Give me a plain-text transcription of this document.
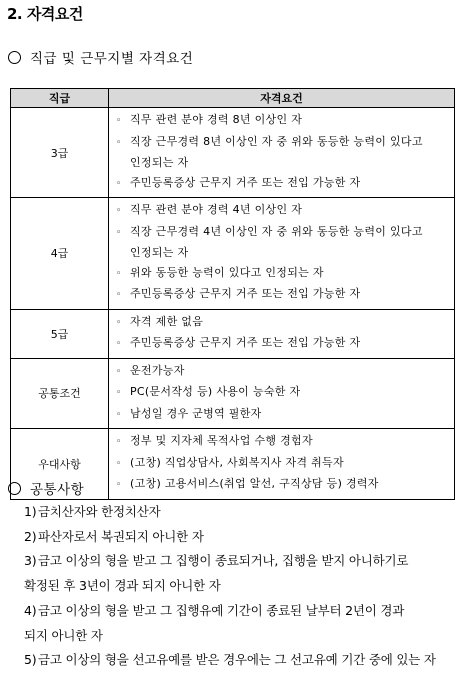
2. 자격요건
직급 및 근무지별 자격요건
직급	자격요건
3급	◦ 직무 관련 분야 경력 8년 이상인 자
◦ 직장 근무경력 8년 이상인 자 중 위와 동등한 능력이 있다고
인정되는 자
◦ 주민등록증상 근무지 거주 또는 전입 가능한 자

4급	◦ 직무 관련 분야 경력 4년 이상인 자
◦ 직장 근무경력 4년 이상인 자 중 위와 동등한 능력이 있다고
인정되는 자
◦ 위와 동등한 능력이 있다고 인정되는 자
◦ 주민등록증상 근무지 거주 또는 전입 가능한 자

5급	◦ 자격 제한 없음
◦ 주민등록증상 근무지 거주 또는 전입 가능한 자

공통조건	◦ 운전가능자
◦ PC(문서작성 등) 사용이 능숙한 자
◦ 남성일 경우 군병역 필한자

우대사항	◦ 정부 및 지자체 목적사업 수행 경험자
◦ (고창) 직업상담사, 사회복지사 자격 취득자
◦ (고창) 고용서비스(취업 알선, 구직상담 등) 경력자
공통사항
1) 금치산자와 한정치산자
2) 파산자로서 복권되지 아니한 자
3) 금고 이상의 형을 받고 그 집행이 종료되거나, 집행을 받지 아니하기로
확정된 후 3년이 경과 되지 아니한 자
4) 금고 이상의 형을 받고 그 집행유예 기간이 종료된 날부터 2년이 경과
되지 아니한 자
5) 금고 이상의 형을 선고유예를 받은 경우에는 그 선고유예 기간 중에 있는 자
